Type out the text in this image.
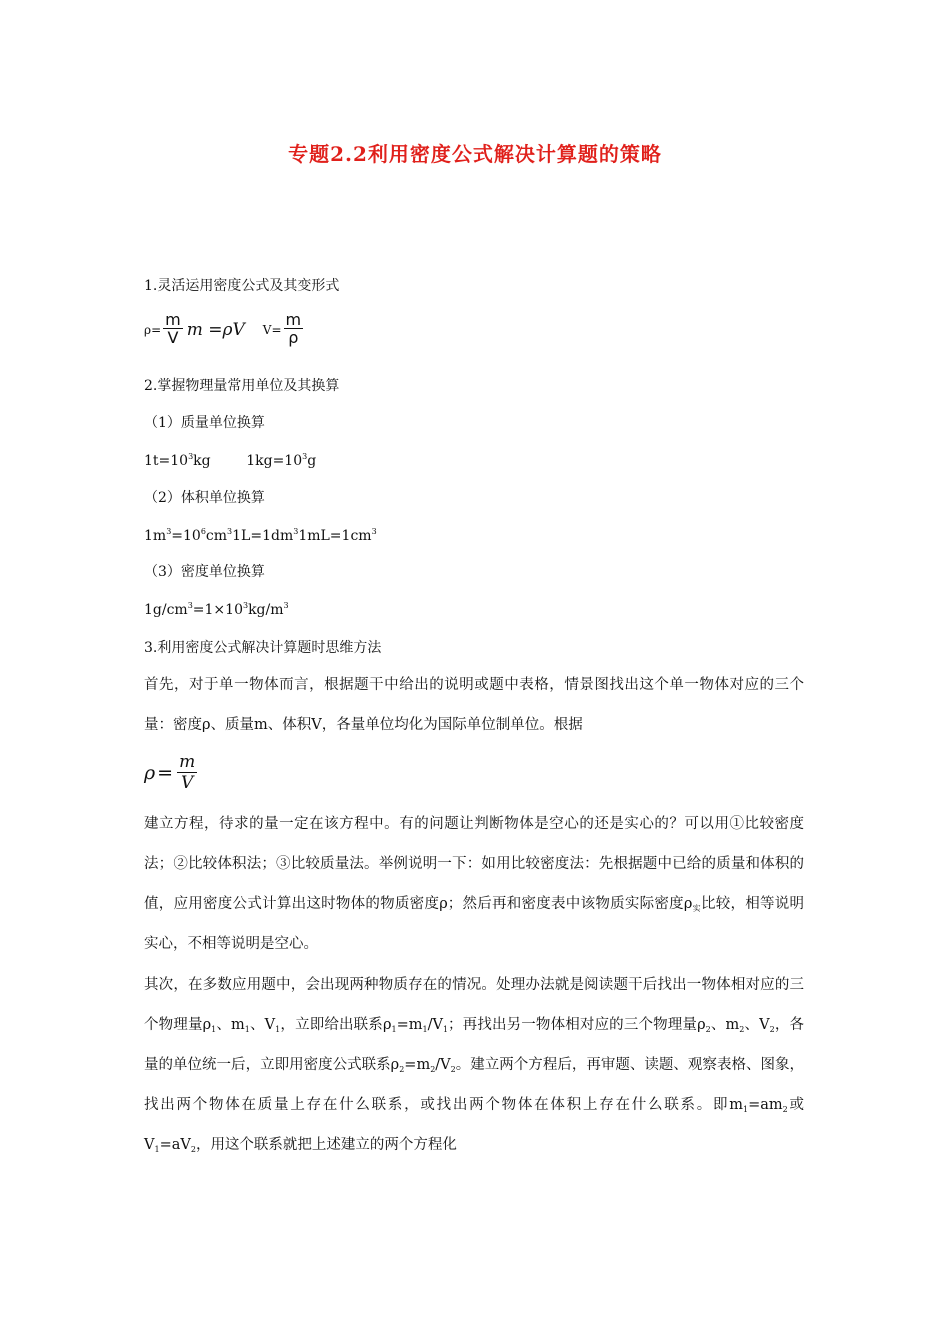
专题2.2利用密度公式解决计算题的策略
1.灵活运用密度公式及其变形式
$\rho = \frac{m}{V}$ m =ρV $V= \frac{m}{\rho}$
2.掌握物理量常用单位及其换算
（1）质量单位换算
$1t=10^3kg$        $1kg=10^3g$
（2）体积单位换算
$1m^3=10^6cm^31L=1dm^31mL=1cm^3$
（3）密度单位换算
$1g/cm^3=1\times 10^3kg/m^3$
3.利用密度公式解决计算题时思维方法

首先，对于单一物体而言，根据题干中给出的说明或题中表格，情景图找出这个单一物体对应的三个量：密度ρ、质量m、体积V，各量单位均化为国际单位制单位。根据

$\rho = \frac{m}{V}$

建立方程，待求的量一定在该方程中。有的问题让判断物体是空心的还是实心的？可以用①比较密度法；②比较体积法；③比较质量法。举例说明一下：如用比较密度法：先根据题中已给的质量和体积的值，应用密度公式计算出这时物体的物质密度ρ；然后再和密度表中该物质实际密度$\rho_实$比较，相等说明实心，不相等说明是空心。

其次，在多数应用题中，会出现两种物质存在的情况。处理办法就是阅读题干后找出一物体相对应的三个物理量$\rho_1$、$m_1$、$V_1$，立即给出联系$\rho_1=m_1/V_1$；再找出另一物体相对应的三个物理量$\rho_2$、$m_2$、$V_2$，各量的单位统一后，立即用密度公式联系$\rho_2=m_2/V_2$。建立两个方程后，再审题、读题、观察表格、图象，找出两个物体在质量上存在什么联系，或找出两个物体在体积上存在什么联系。即$m_1=am_2$或$V_1=aV_2$，用这个联系就把上述建立的两个方程化
